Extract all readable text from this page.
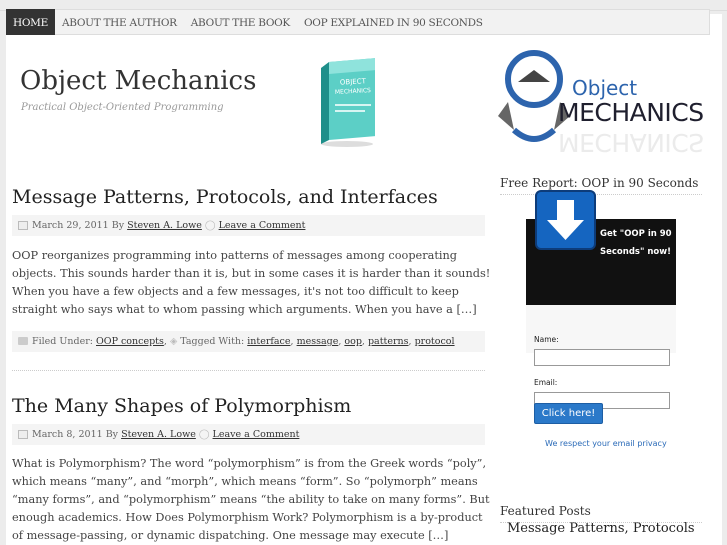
HOME	ABOUT THE AUTHOR	ABOUT THE BOOK	OOP EXPLAINED IN 90 SECONDS
Object Mechanics
Practical Object-Oriented Programming
OBJECT
MECHANICS	Object
MECHANICS
MECHANICS
Message Patterns, Protocols, and Interfaces
March 29, 2011 By Steven A. Lowe ◯ Leave a Comment
OOP reorganizes programming into patterns of messages among cooperating objects. This sounds harder than it is, but in some cases it is harder than it sounds! When you have a few objects and a few messages, it's not too difficult to keep straight who says what to whom passing which arguments. When you have a […]
Filed Under: OOP concepts, ◈ Tagged With: interface, message, oop, patterns, protocol
The Many Shapes of Polymorphism
March 8, 2011 By Steven A. Lowe ◯ Leave a Comment
What is Polymorphism? The word “polymorphism” is from the Greek words “poly”, which means “many”, and “morph”, which means “form”. So “polymorph” means “many forms”, and “polymorphism” means “the ability to take on many forms”. But enough academics. How Does Polymorphism Work? Polymorphism is a by-product of message-passing, or dynamic dispatching. One message may execute […]
Free Report: OOP in 90 Seconds
Get "OOP in 90 Seconds" now!
Name:
Email:
Click here!
We respect your email privacy
Featured Posts
Message Patterns, Protocols
